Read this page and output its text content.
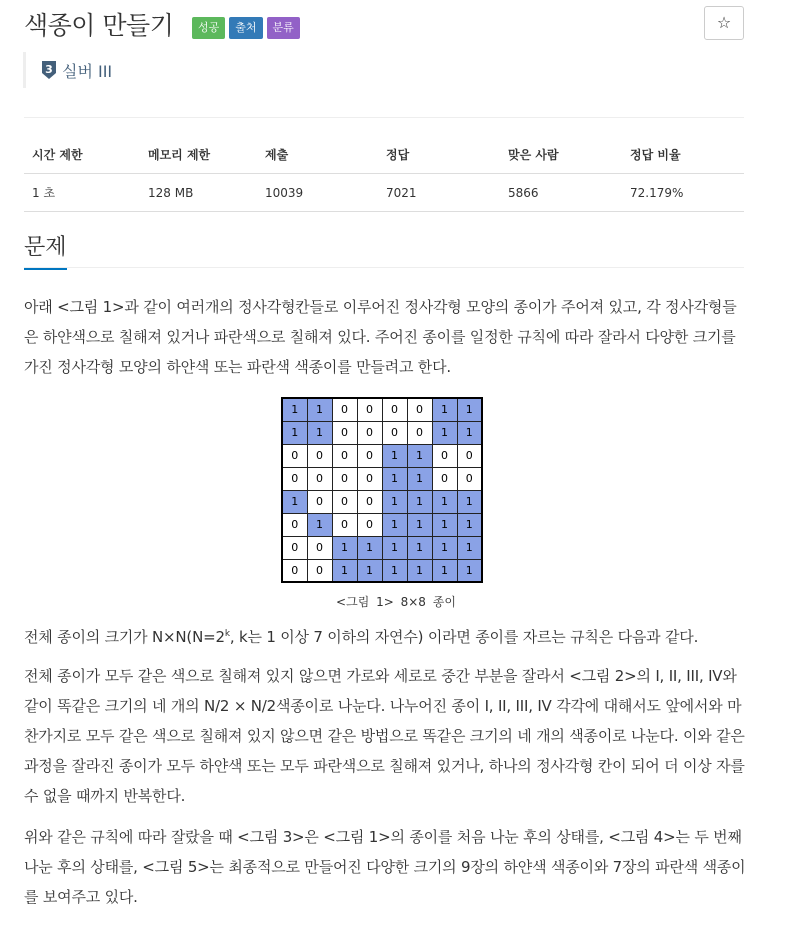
색종이 만들기	성공	출처	분류	☆
3 실버 III
시간 제한	메모리 제한	제출	정답	맞은 사람	정답 비율
1 초	128 MB	10039	7021	5866	72.179%
문제

아래 <그림 1>과 같이 여러개의 정사각형칸들로 이루어진 정사각형 모양의 종이가 주어져 있고, 각 정사각형들은 하얀색으로 칠해져 있거나 파란색으로 칠해져 있다. 주어진 종이를 일정한 규칙에 따라 잘라서 다양한 크기를 가진 정사각형 모양의 하얀색 또는 파란색 색종이를 만들려고 한다.

1	1	0	0	0	0	1	1
1	1	0	0	0	0	1	1
0	0	0	0	1	1	0	0
0	0	0	0	1	1	0	0
1	0	0	0	1	1	1	1
0	1	0	0	1	1	1	1
0	0	1	1	1	1	1	1
0	0	1	1	1	1	1	1
<그림 1> 8×8 종이

전체 종이의 크기가 $N\times N(N=2^k$, k는 1 이상 7 이하의 자연수) 이라면 종이를 자르는 규칙은 다음과 같다.

전체 종이가 모두 같은 색으로 칠해져 있지 않으면 가로와 세로로 중간 부분을 잘라서 <그림 2>의 I, II, III, IV와 같이 똑같은 크기의 네 개의 N/2 × N/2색종이로 나눈다. 나누어진 종이 I, II, III, IV 각각에 대해서도 앞에서와 마찬가지로 모두 같은 색으로 칠해져 있지 않으면 같은 방법으로 똑같은 크기의 네 개의 색종이로 나눈다. 이와 같은 과정을 잘라진 종이가 모두 하얀색 또는 모두 파란색으로 칠해져 있거나, 하나의 정사각형 칸이 되어 더 이상 자를 수 없을 때까지 반복한다.

위와 같은 규칙에 따라 잘랐을 때 <그림 3>은 <그림 1>의 종이를 처음 나눈 후의 상태를, <그림 4>는 두 번째 나눈 후의 상태를, <그림 5>는 최종적으로 만들어진 다양한 크기의 9장의 하얀색 색종이와 7장의 파란색 색종이를 보여주고 있다.
